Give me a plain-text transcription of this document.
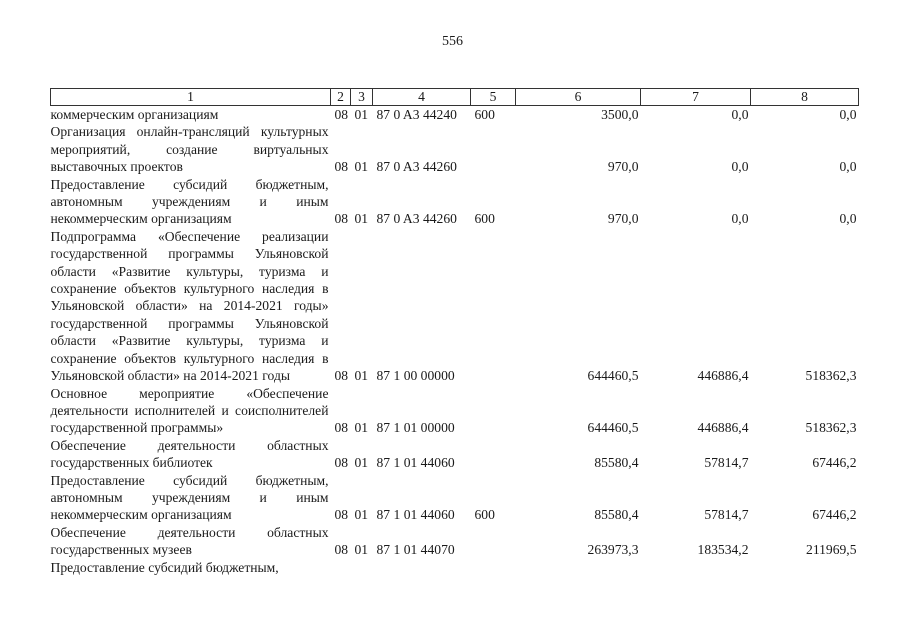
556
1	2	3	4	5	6	7	8
коммерческим организациям	08	01	87 0 A3 44240	600	3500,0	0,0	0,0
Организация онлайн-трансляций культурных мероприятий, создание виртуальных выставочных проектов	08	01	87 0 A3 44260		970,0	0,0	0,0
Предоставление субсидий бюджетным, автономным учреждениям и иным некоммерческим организациям	08	01	87 0 A3 44260	600	970,0	0,0	0,0
Подпрограмма «Обеспечение реализации государственной программы Ульяновской области «Развитие культуры, туризма и сохранение объектов культурного наследия в Ульяновской области» на 2014-2021 годы» государственной программы Ульяновской области «Развитие культуры, туризма и сохранение объектов культурного наследия в Ульяновской области» на 2014-2021 годы	08	01	87 1 00 00000		644460,5	446886,4	518362,3
Основное мероприятие «Обеспечение деятельности исполнителей и соисполнителей государственной программы»	08	01	87 1 01 00000		644460,5	446886,4	518362,3
Обеспечение деятельности областных государственных библиотек	08	01	87 1 01 44060		85580,4	57814,7	67446,2
Предоставление субсидий бюджетным, автономным учреждениям и иным некоммерческим организациям	08	01	87 1 01 44060	600	85580,4	57814,7	67446,2
Обеспечение деятельности областных государственных музеев	08	01	87 1 01 44070		263973,3	183534,2	211969,5
Предоставление субсидий бюджетным,							
